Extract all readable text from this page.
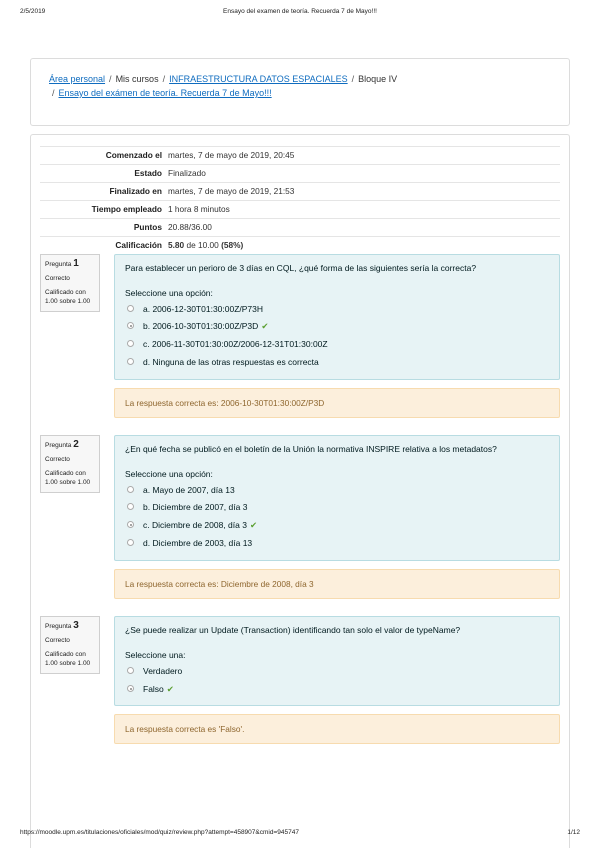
2/5/2019	Ensayo del examen de teoría. Recuerda 7 de Mayo!!!
Área personal / Mis cursos / INFRAESTRUCTURA DATOS ESPACIALES / Bloque IV
/ Ensayo del exámen de teoría. Recuerda 7 de Mayo!!!
Comenzado el	martes, 7 de mayo de 2019, 20:45
Estado	Finalizado
Finalizado en	martes, 7 de mayo de 2019, 21:53
Tiempo empleado	1 hora 8 minutos
Puntos	20.88/36.00
Calificación	5.80 de 10.00 (58%)
Pregunta 1
Correcto
Calificado con 1.00 sobre 1.00
Para establecer un perioro de 3 días en CQL, ¿qué forma de las siguientes sería la correcta?
Seleccione una opción:
a. 2006-12-30T01:30:00Z/P73H
b. 2006-10-30T01:30:00Z/P3D ✔
c. 2006-11-30T01:30:00Z/2006-12-31T01:30:00Z
d. Ninguna de las otras respuestas es correcta
La respuesta correcta es: 2006-10-30T01:30:00Z/P3D
Pregunta 2
Correcto
Calificado con 1.00 sobre 1.00
¿En qué fecha se publicó en el boletín de la Unión la normativa INSPIRE relativa a los metadatos?
Seleccione una opción:
a. Mayo de 2007, día 13
b. Diciembre de 2007, día 3
c. Diciembre de 2008, día 3 ✔
d. Diciembre de 2003, día 13
La respuesta correcta es: Diciembre de 2008, día 3
Pregunta 3
Correcto
Calificado con 1.00 sobre 1.00
¿Se puede realizar un Update (Transaction) identificando tan solo el valor de typeName?
Seleccione una:
Verdadero
Falso ✔
La respuesta correcta es 'Falso'.
https://moodle.upm.es/titulaciones/oficiales/mod/quiz/review.php?attempt=458907&cmid=945747	1/12
